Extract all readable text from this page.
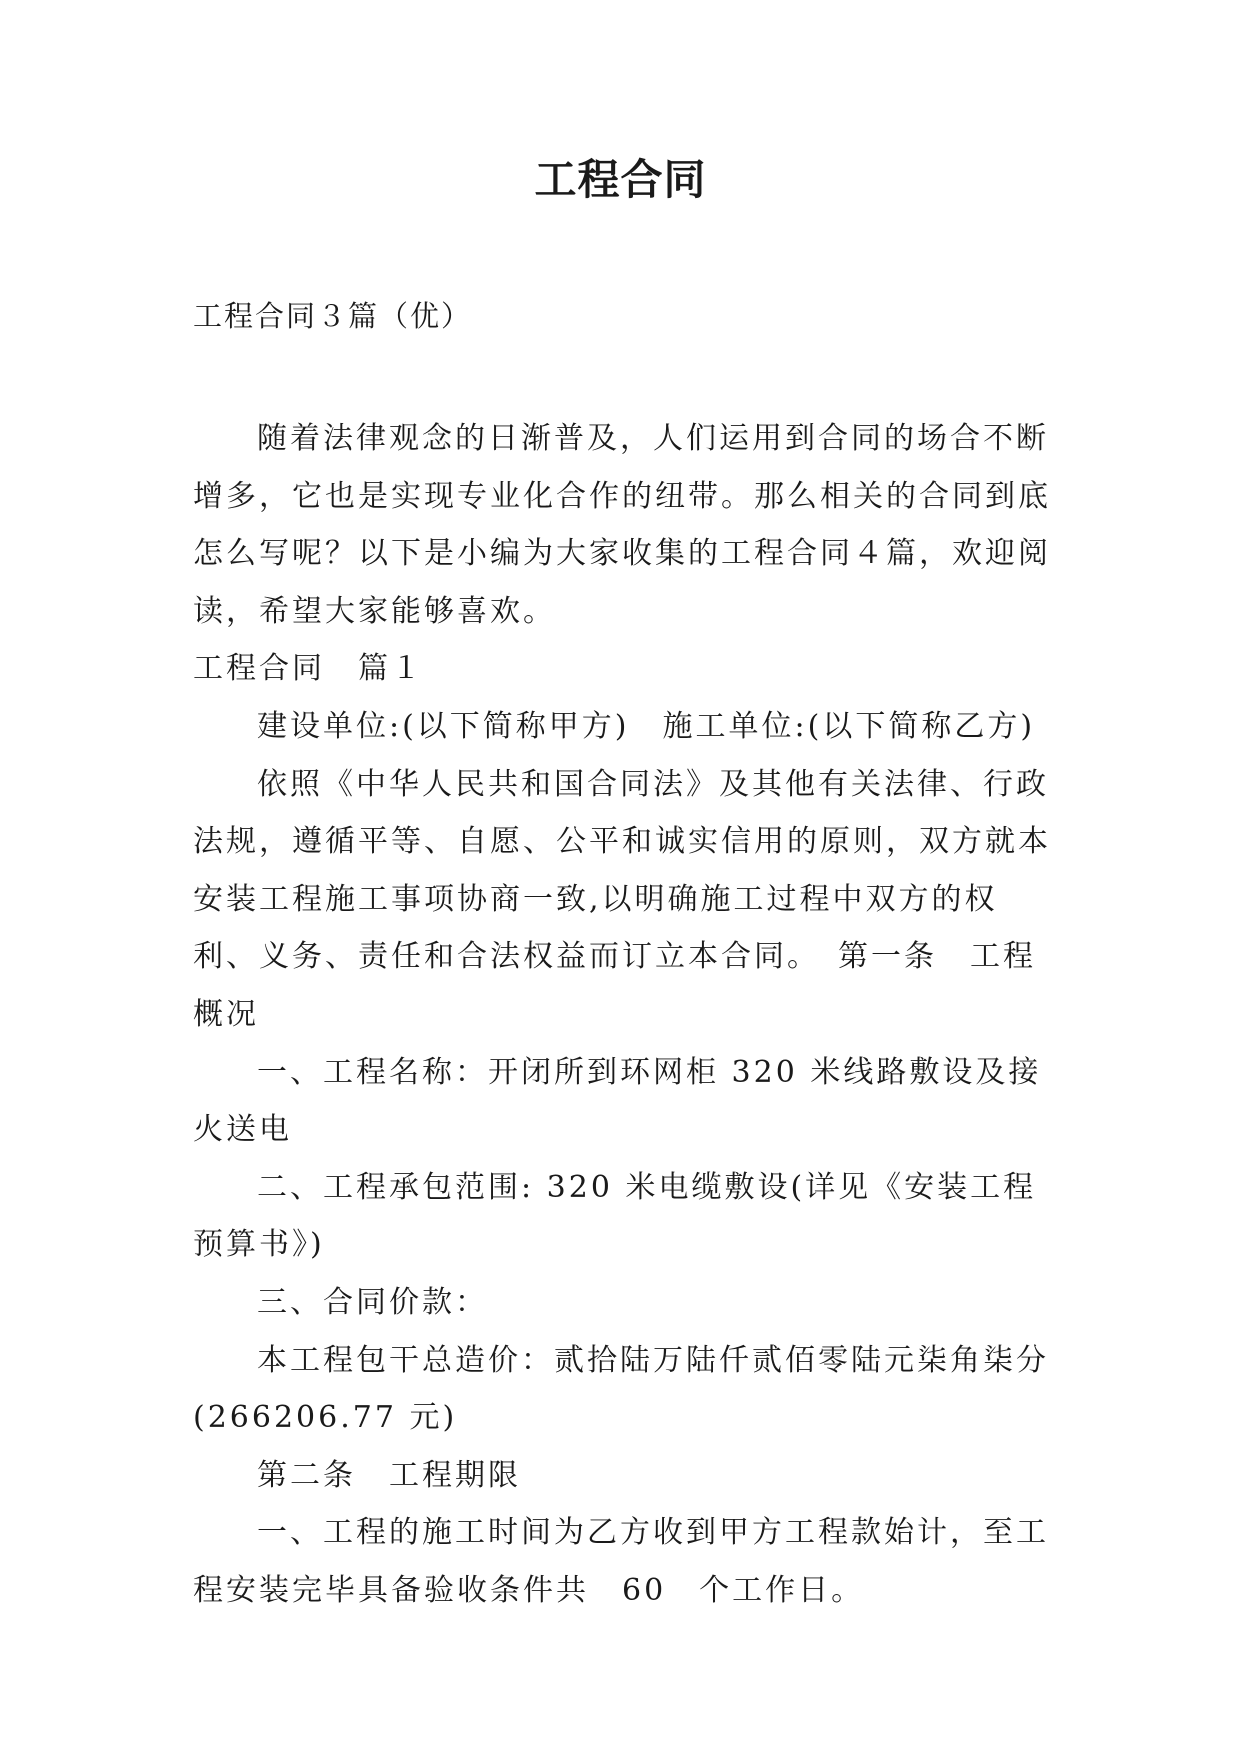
工程合同
工程合同３篇（优）

随着法律观念的日渐普及，人们运用到合同的场合不断增多，它也是实现专业化合作的纽带。那么相关的合同到底怎么写呢？以下是小编为大家收集的工程合同４篇，欢迎阅读，希望大家能够喜欢。

工程合同　篇１

建设单位:(以下简称甲方)　施工单位:(以下简称乙方)

依照《中华人民共和国合同法》及其他有关法律、行政法规，遵循平等、自愿、公平和诚实信用的原则，双方就本安装工程施工事项协商一致,以明确施工过程中双方的权利、义务、责任和合法权益而订立本合同。　第一条　工程概况

一、工程名称：开闭所到环网柜 320 米线路敷设及接火送电

二、工程承包范围: 320 米电缆敷设(详见《安装工程预算书》)

三、合同价款：

本工程包干总造价：贰拾陆万陆仟贰佰零陆元柒角柒分(266206.77 元)

第二条　工程期限

一、工程的施工时间为乙方收到甲方工程款始计，至工程安装完毕具备验收条件共　60　个工作日。
